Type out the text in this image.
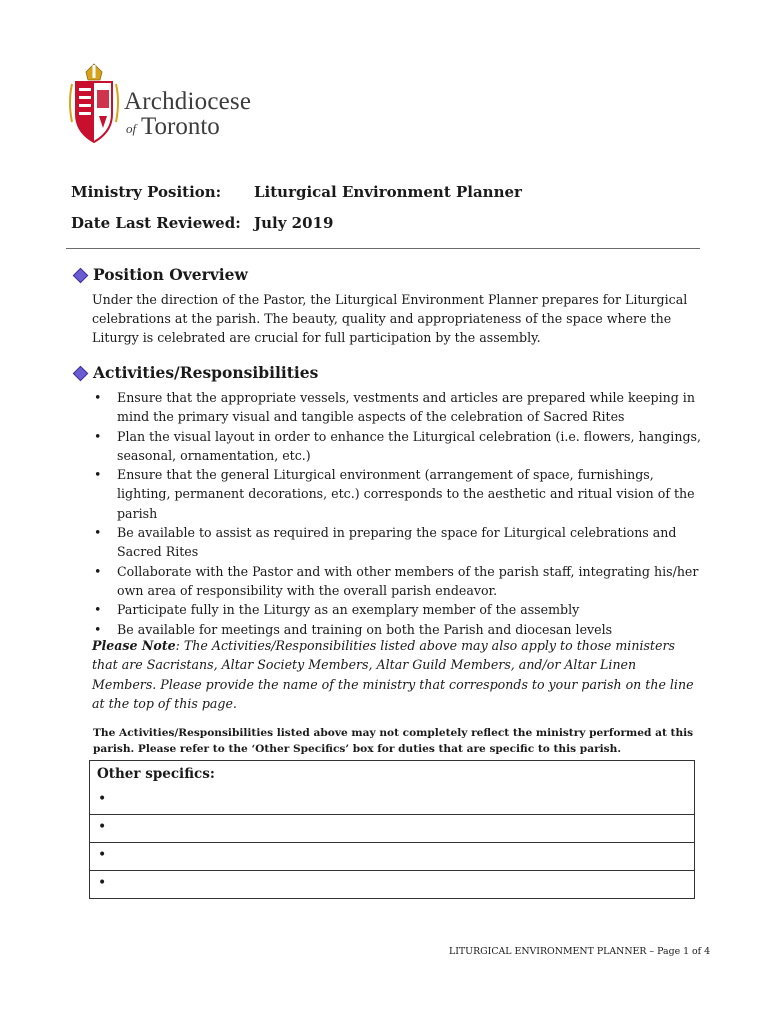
Archdiocese
of Toronto
Ministry Position: Liturgical Environment Planner
Date Last Reviewed: July 2019
Position Overview
Under the direction of the Pastor, the Liturgical Environment Planner prepares for Liturgical celebrations at the parish. The beauty, quality and appropriateness of the space where the Liturgy is celebrated are crucial for full participation by the assembly.
Activities/Responsibilities
• Ensure that the appropriate vessels, vestments and articles are prepared while keeping in mind the primary visual and tangible aspects of the celebration of Sacred Rites
• Plan the visual layout in order to enhance the Liturgical celebration (i.e. flowers, hangings, seasonal, ornamentation, etc.)
• Ensure that the general Liturgical environment (arrangement of space, furnishings, lighting, permanent decorations, etc.) corresponds to the aesthetic and ritual vision of the parish
• Be available to assist as required in preparing the space for Liturgical celebrations and Sacred Rites
• Collaborate with the Pastor and with other members of the parish staff, integrating his/her own area of responsibility with the overall parish endeavor.
• Participate fully in the Liturgy as an exemplary member of the assembly
• Be available for meetings and training on both the Parish and diocesan levels
Please Note: The Activities/Responsibilities listed above may also apply to those ministers that are Sacristans, Altar Society Members, Altar Guild Members, and/or Altar Linen Members. Please provide the name of the ministry that corresponds to your parish on the line at the top of this page.
The Activities/Responsibilities listed above may not completely reflect the ministry performed at this parish. Please refer to the ‘Other Specifics’ box for duties that are specific to this parish.
Other specifics:
•
•
•
•
LITURGICAL ENVIRONMENT PLANNER – Page 1 of 4
